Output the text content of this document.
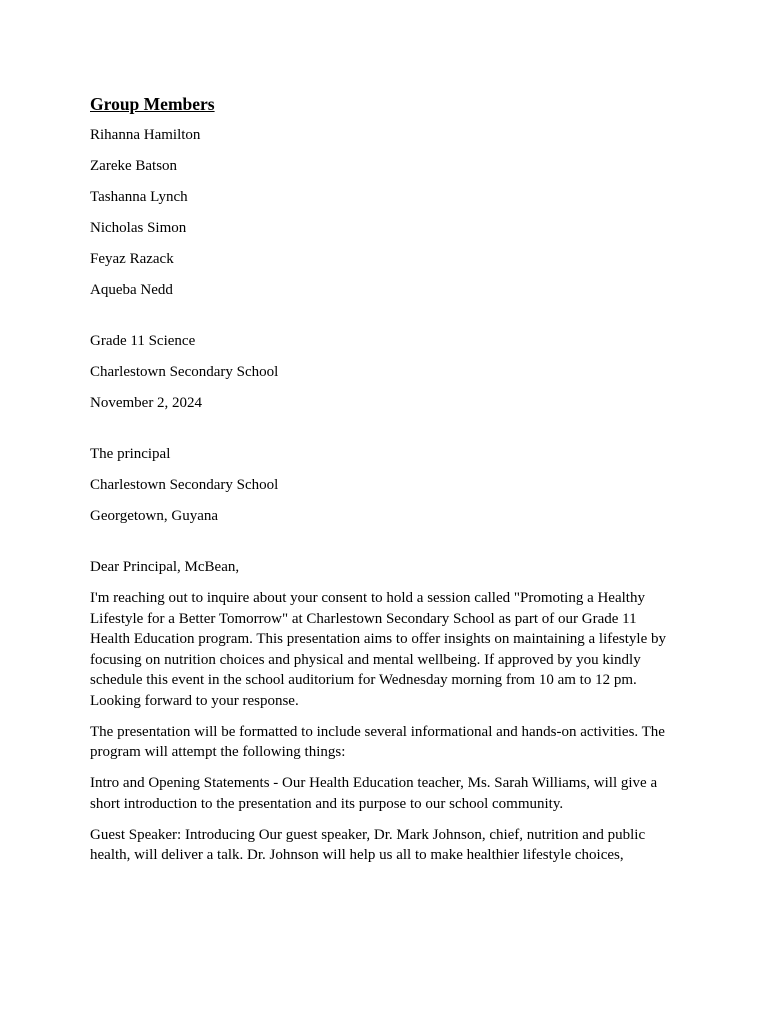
Group Members
Rihanna Hamilton
Zareke Batson
Tashanna Lynch
Nicholas Simon
Feyaz Razack
Aqueba Nedd
Grade 11 Science
Charlestown Secondary School
November 2, 2024
The principal
Charlestown Secondary School
Georgetown, Guyana
Dear Principal, McBean,

I'm reaching out to inquire about your consent to hold a session called "Promoting a Healthy Lifestyle for a Better Tomorrow" at Charlestown Secondary School as part of our Grade 11 Health Education program. This presentation aims to offer insights on maintaining a lifestyle by focusing on nutrition choices and physical and mental wellbeing. If approved by you kindly schedule this event in the school auditorium for Wednesday morning from 10 am to 12 pm. Looking forward to your response.

The presentation will be formatted to include several informational and hands-on activities. The program will attempt the following things:

Intro and Opening Statements - Our Health Education teacher, Ms. Sarah Williams, will give a short introduction to the presentation and its purpose to our school community.

Guest Speaker: Introducing Our guest speaker, Dr. Mark Johnson, chief, nutrition and public health, will deliver a talk. Dr. Johnson will help us all to make healthier lifestyle choices,
